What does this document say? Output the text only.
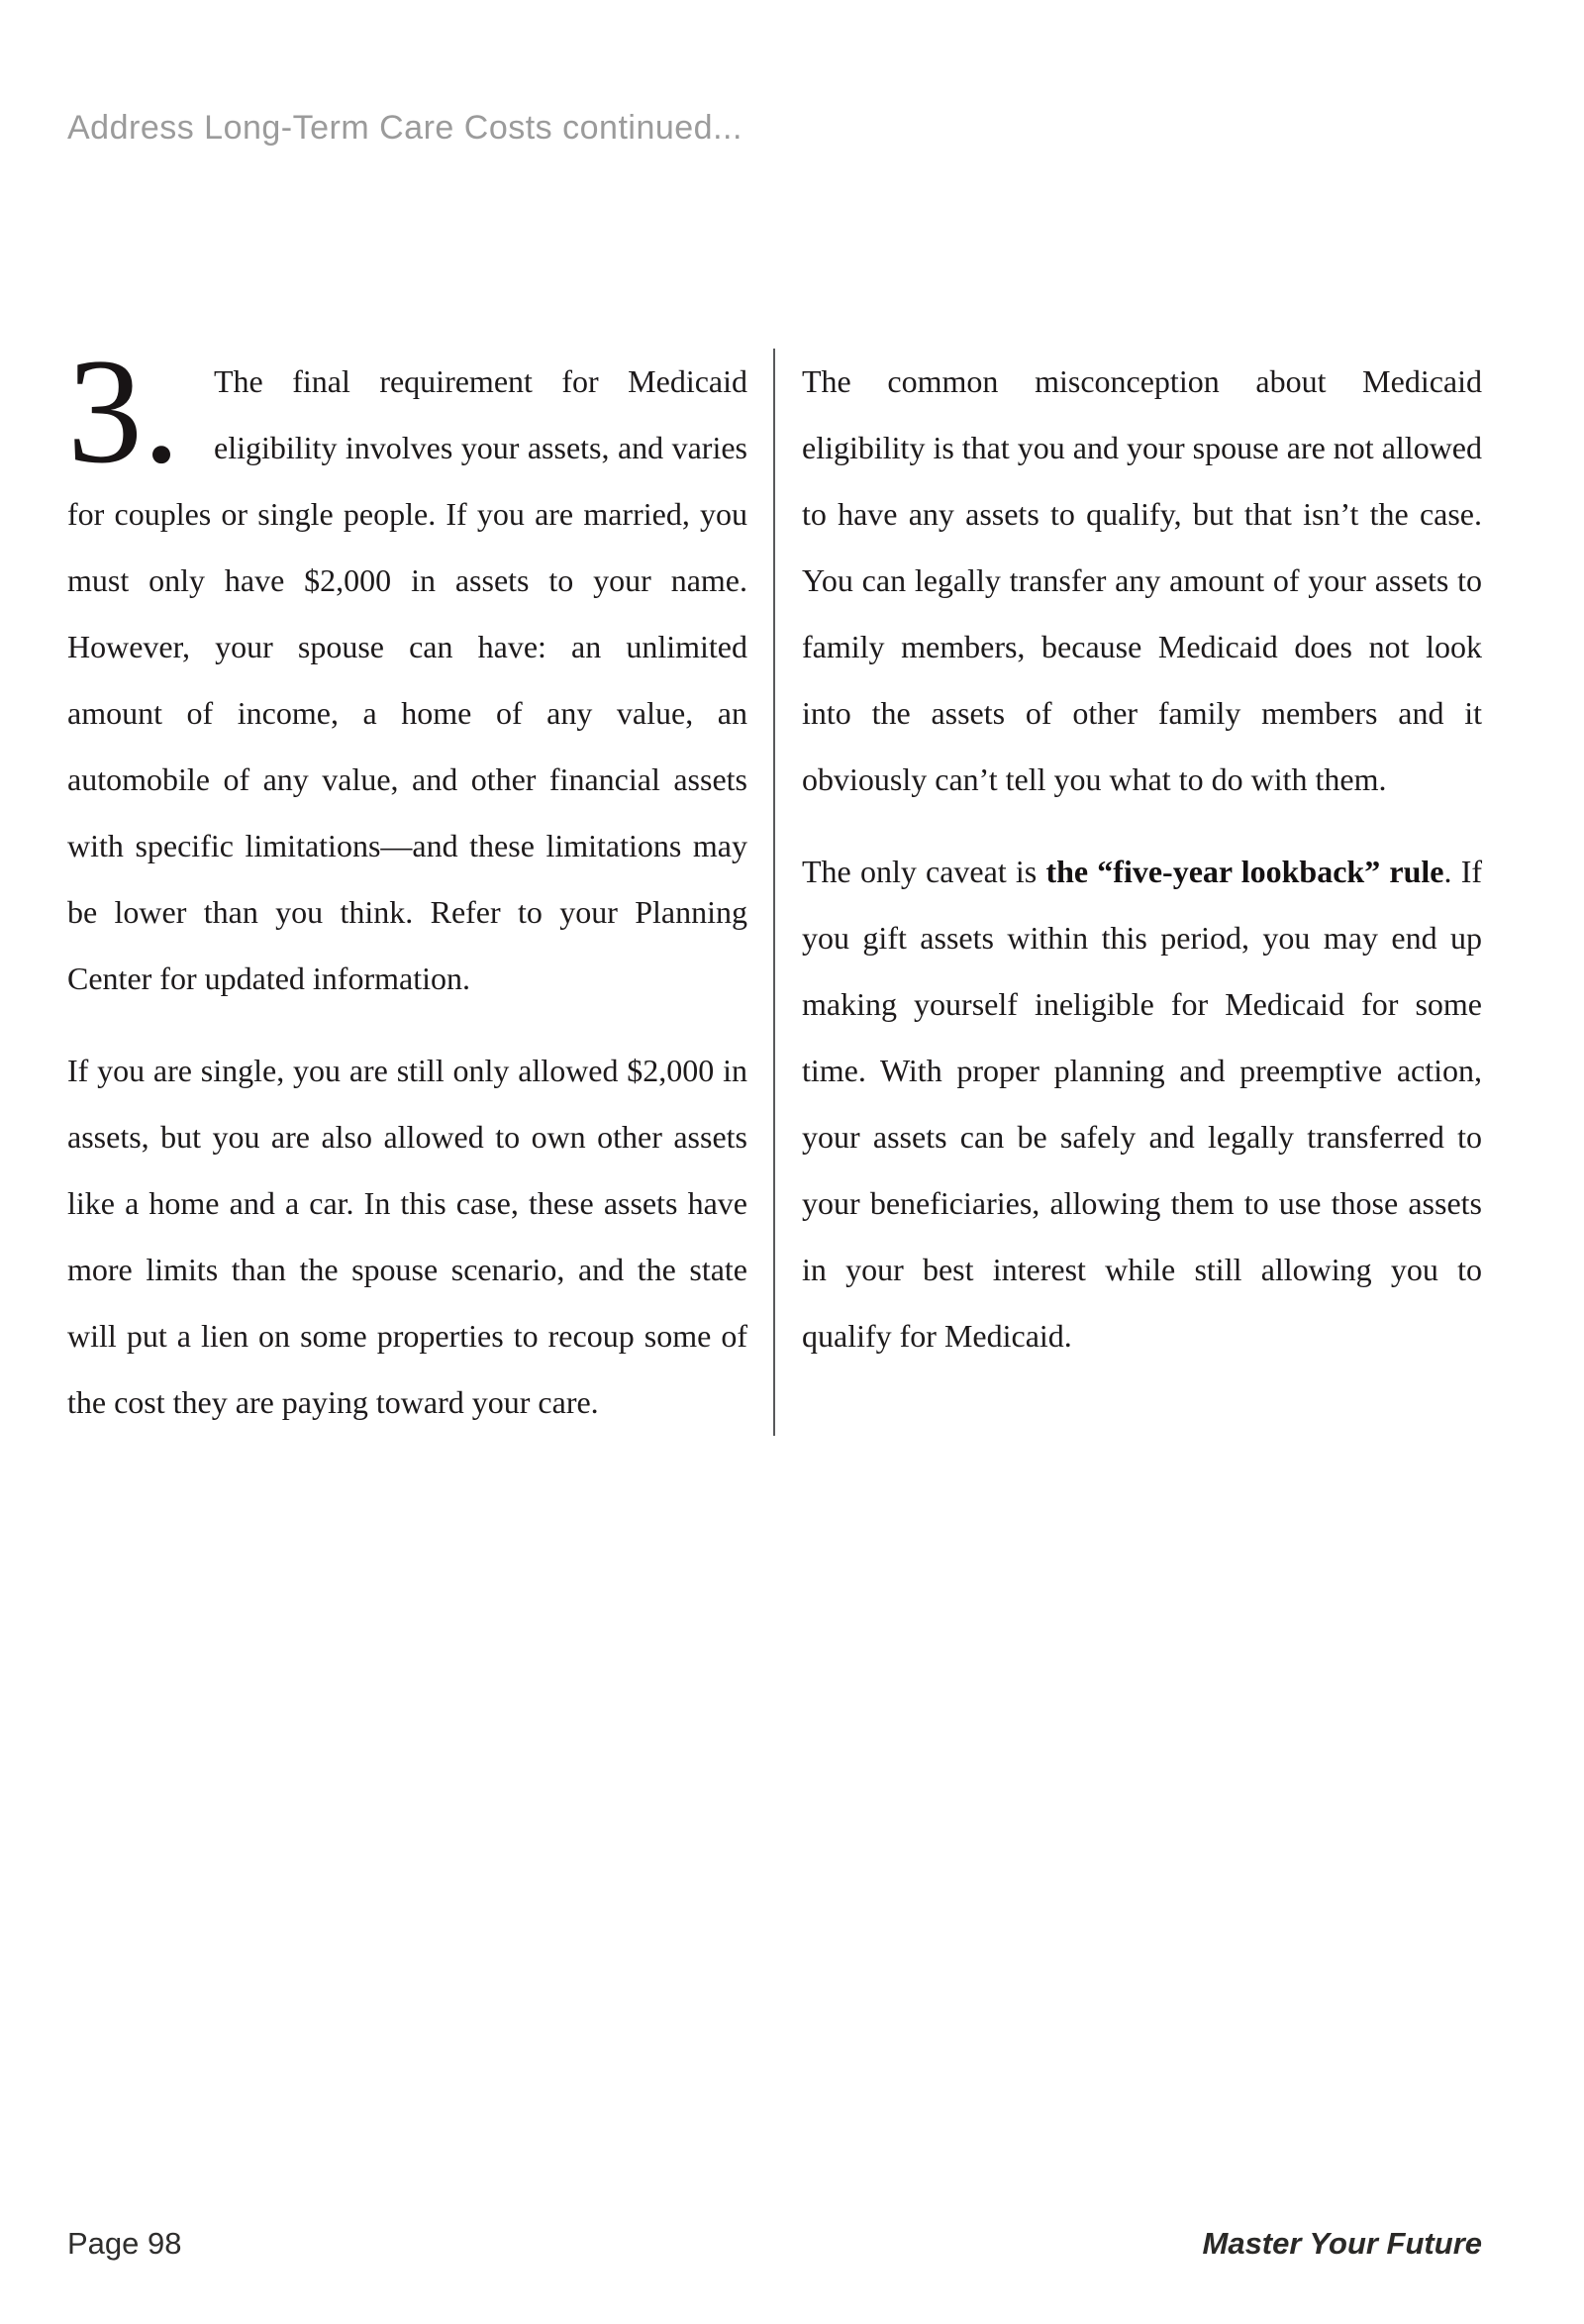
Address Long-Term Care Costs continued...

3.	The final requirement for Medicaid eligibility involves your assets, and varies for couples or single people. If you are married, you must only have $2,000 in assets to your name. However, your spouse can have: an unlimited amount of income, a home of any value, an automobile of any value, and other financial assets with specific limitations—and these limitations may be lower than you think. Refer to your Planning Center for updated information.

If you are single, you are still only allowed $2,000 in assets, but you are also allowed to own other assets like a home and a car. In this case, these assets have more limits than the spouse scenario, and the state will put a lien on some properties to recoup some of the cost they are paying toward your care.

The common misconception about Medicaid eligibility is that you and your spouse are not allowed to have any assets to qualify, but that isn’t the case. You can legally transfer any amount of your assets to family members, because Medicaid does not look into the assets of other family members and it obviously can’t tell you what to do with them.

The only caveat is the “five-year lookback” rule. If you gift assets within this period, you may end up making yourself ineligible for Medicaid for some time. With proper planning and preemptive action, your assets can be safely and legally transferred to your beneficiaries, allowing them to use those assets in your best interest while still allowing you to qualify for Medicaid.

Page 98	Master Your Future
